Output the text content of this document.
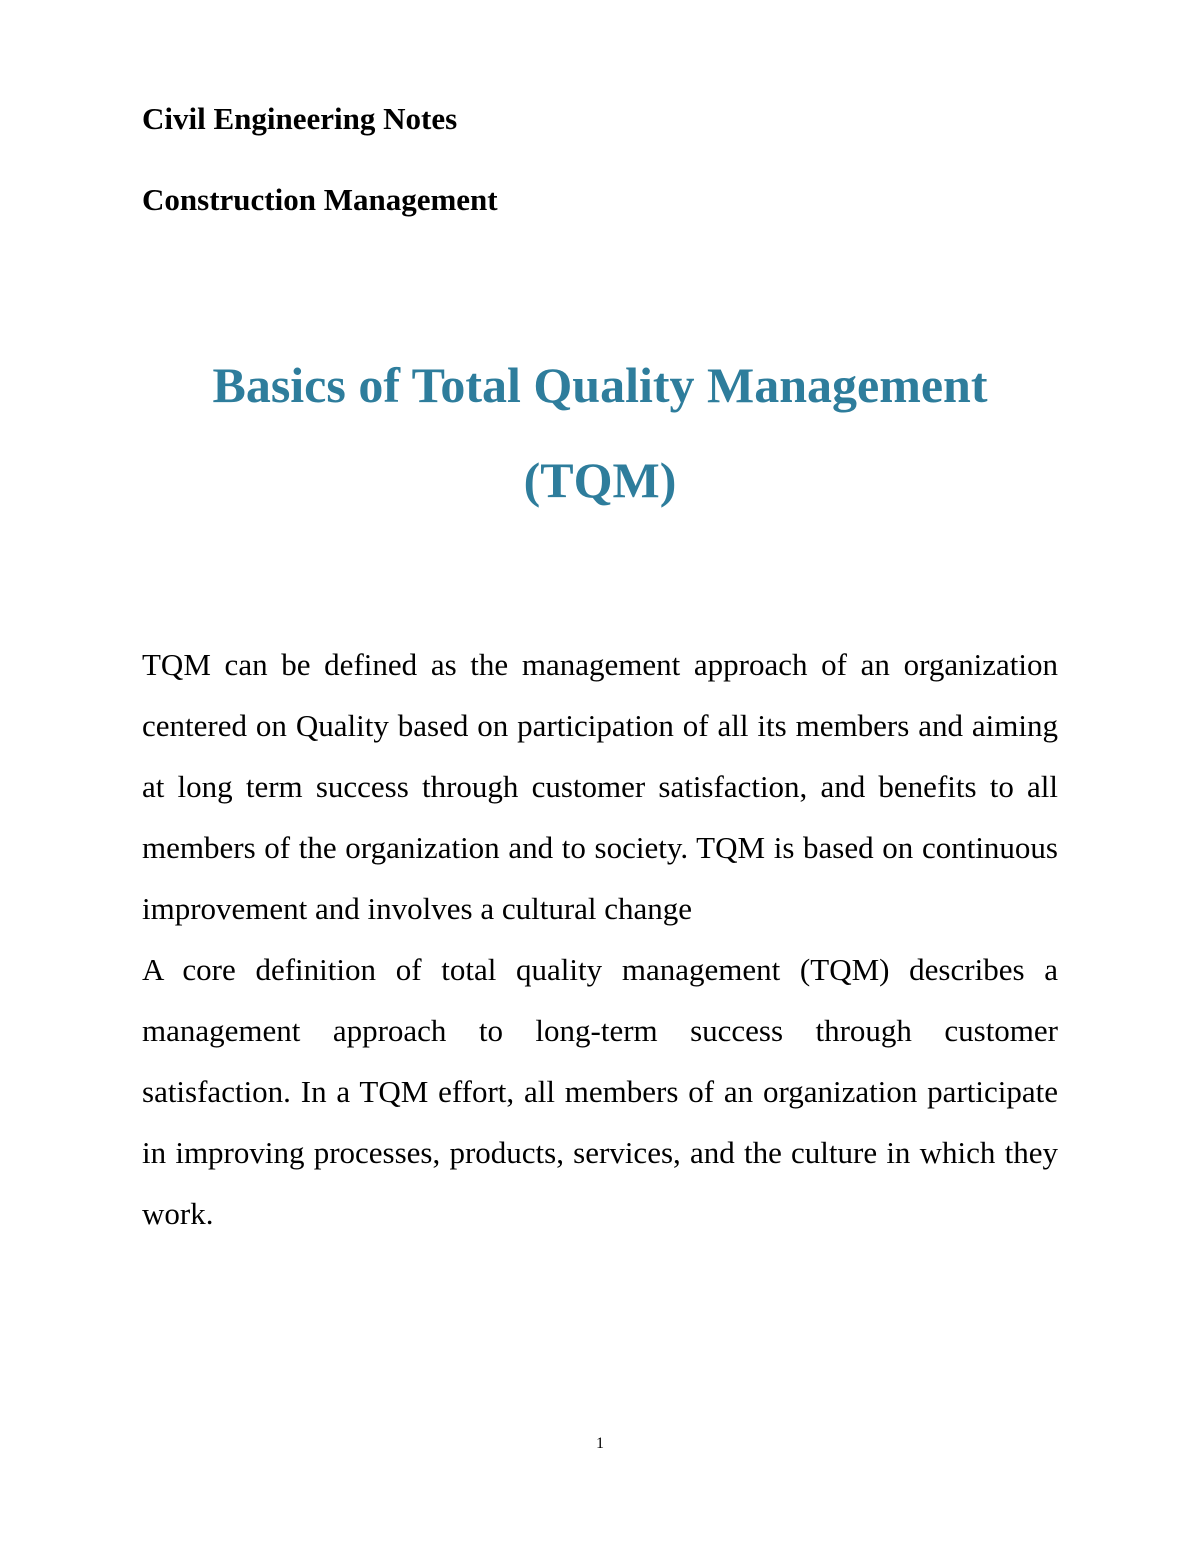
Civil Engineering Notes
Construction Management
Basics of Total Quality Management
(TQM)

TQM can be defined as the management approach of an organization centered on Quality based on participation of all its members and aiming at long term success through customer satisfaction, and benefits to all members of the organization and to society. TQM is based on continuous improvement and involves a cultural change

A core definition of total quality management (TQM) describes a management approach to long-term success through customer satisfaction. In a TQM effort, all members of an organization participate in improving processes, products, services, and the culture in which they work.

1
